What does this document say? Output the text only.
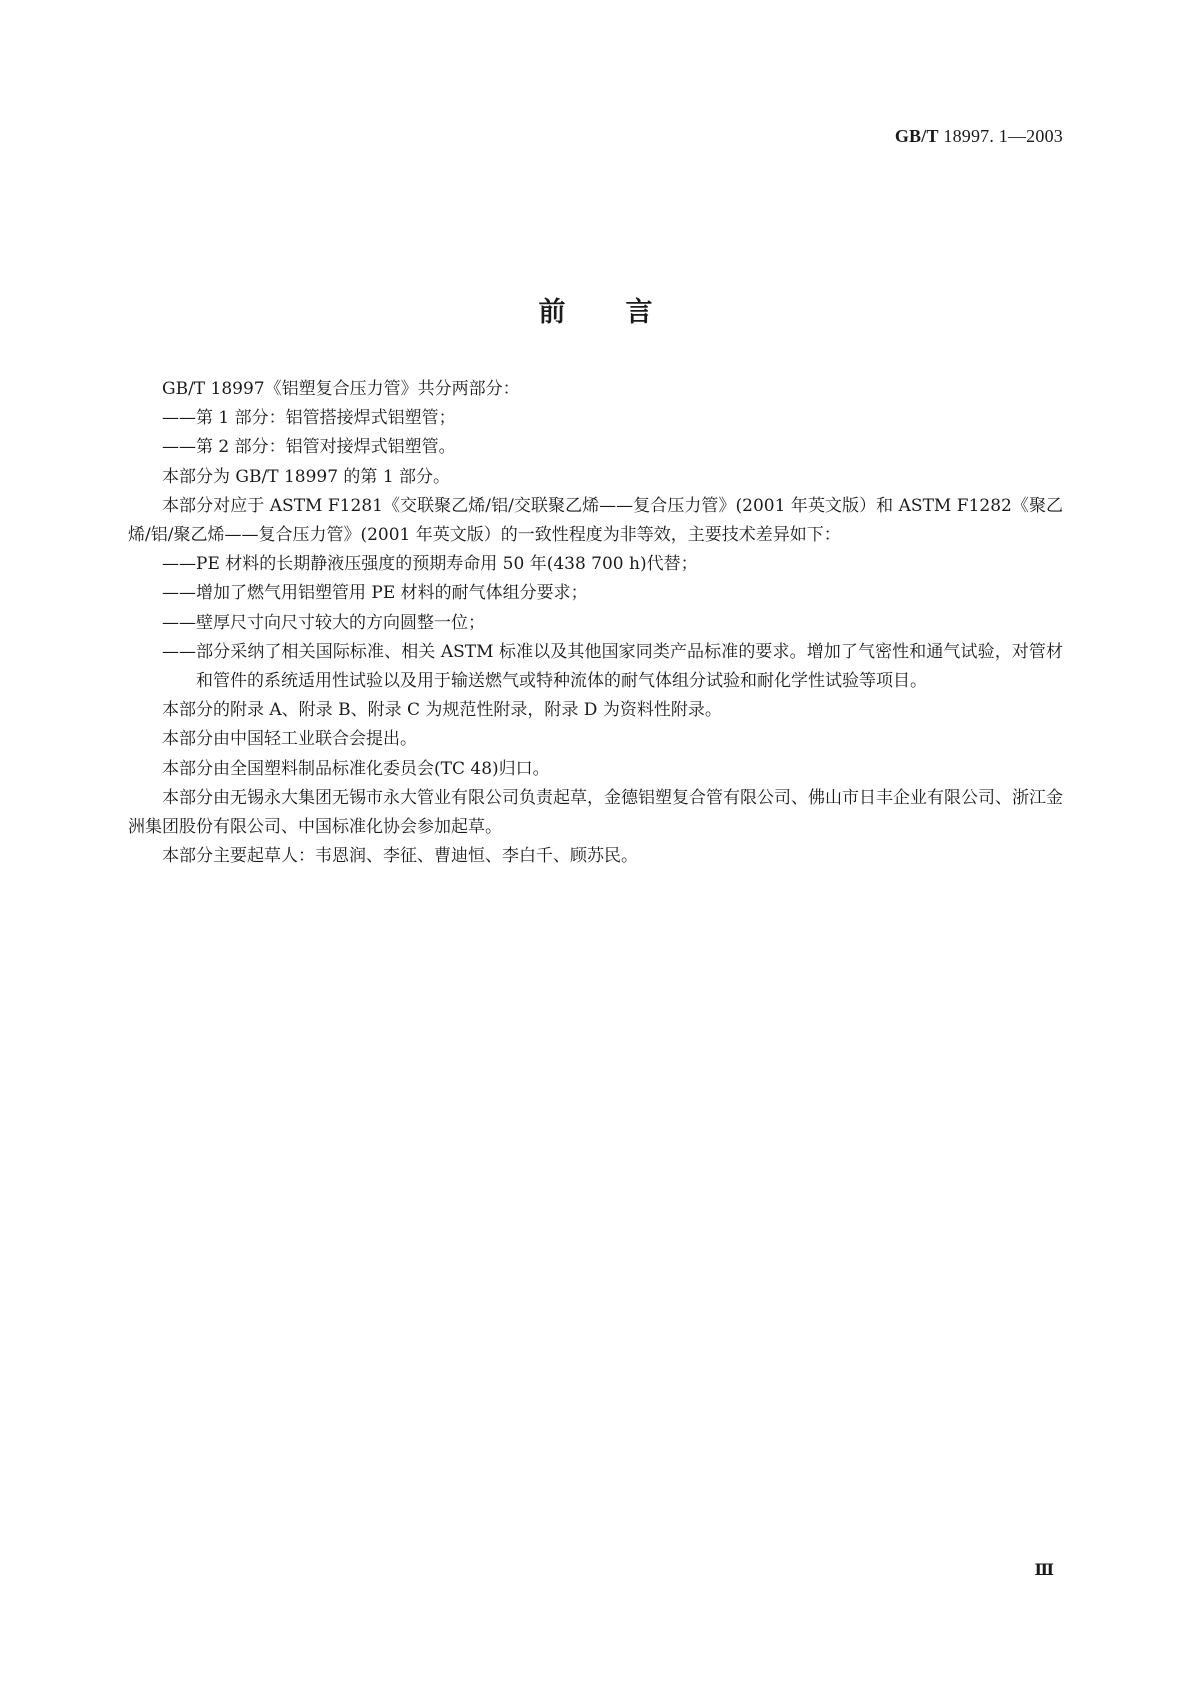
GB/T 18997. 1—2003
前言

GB/T 18997《铝塑复合压力管》共分两部分：

——第 1 部分：铝管搭接焊式铝塑管；

——第 2 部分：铝管对接焊式铝塑管。

本部分为 GB/T 18997 的第 1 部分。

本部分对应于 ASTM F1281《交联聚乙烯/铝/交联聚乙烯——复合压力管》(2001 年英文版）和 ASTM F1282《聚乙烯/铝/聚乙烯——复合压力管》(2001 年英文版）的一致性程度为非等效，主要技术差异如下：

——PE 材料的长期静液压强度的预期寿命用 50 年(438 700 h)代替；

——增加了燃气用铝塑管用 PE 材料的耐气体组分要求；

——壁厚尺寸向尺寸较大的方向圆整一位；

——部分采纳了相关国际标准、相关 ASTM 标准以及其他国家同类产品标准的要求。增加了气密性和通气试验，对管材和管件的系统适用性试验以及用于输送燃气或特种流体的耐气体组分试验和耐化学性试验等项目。

本部分的附录 A、附录 B、附录 C 为规范性附录，附录 D 为资料性附录。

本部分由中国轻工业联合会提出。

本部分由全国塑料制品标准化委员会(TC 48)归口。

本部分由无锡永大集团无锡市永大管业有限公司负责起草，金德铝塑复合管有限公司、佛山市日丰企业有限公司、浙江金洲集团股份有限公司、中国标准化协会参加起草。

本部分主要起草人：韦恩润、李征、曹迪恒、李白千、顾苏民。

Ⅲ
